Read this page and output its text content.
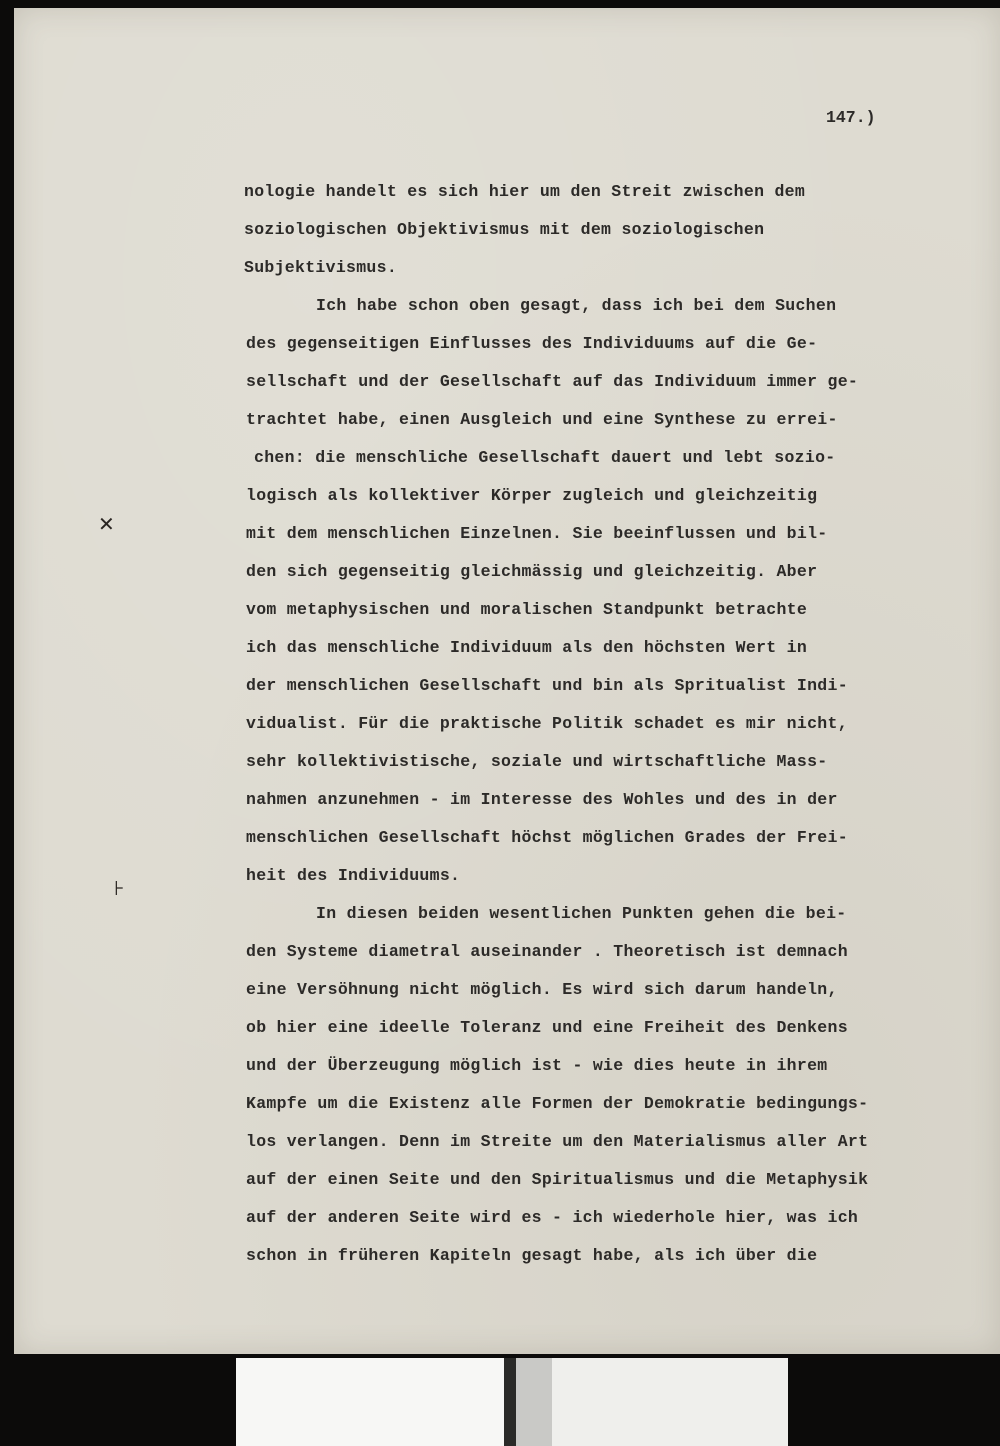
147.)

nologie handelt es sich hier um den Streit zwischen dem

soziologischen Objektivismus mit dem soziologischen

Subjektivismus.

Ich habe schon oben gesagt, dass ich bei dem Suchen

des gegenseitigen Einflusses des Individuums auf die Ge-

sellschaft und der Gesellschaft auf das Individuum immer ge-

trachtet habe, einen Ausgleich und eine Synthese zu errei-

chen: die menschliche Gesellschaft dauert und lebt sozio-

logisch als kollektiver Körper zugleich und gleichzeitig

mit dem menschlichen Einzelnen. Sie beeinflussen und bil-

den sich gegenseitig gleichmässig und gleichzeitig. Aber

vom metaphysischen und moralischen Standpunkt betrachte

ich das menschliche Individuum als den höchsten Wert in

der menschlichen Gesellschaft und bin als Spritualist Indi-

vidualist. Für die praktische Politik schadet es mir nicht,

sehr kollektivistische, soziale und wirtschaftliche Mass-

nahmen anzunehmen - im Interesse des Wohles und des in der

menschlichen Gesellschaft höchst möglichen Grades der Frei-

heit des Individuums.

In diesen beiden wesentlichen Punkten gehen die bei-

den Systeme diametral auseinander . Theoretisch ist demnach

eine Versöhnung nicht möglich. Es wird sich darum handeln,

ob hier eine ideelle Toleranz und eine Freiheit des Denkens

und der Überzeugung möglich ist - wie dies heute in ihrem

Kampfe um die Existenz alle Formen der Demokratie bedingungs-

los verlangen. Denn im Streite um den Materialismus aller Art

auf der einen Seite und den Spiritualismus und die Metaphysik

auf der anderen Seite wird es - ich wiederhole hier, was ich

schon in früheren Kapiteln gesagt habe, als ich über die

✕
⊦
